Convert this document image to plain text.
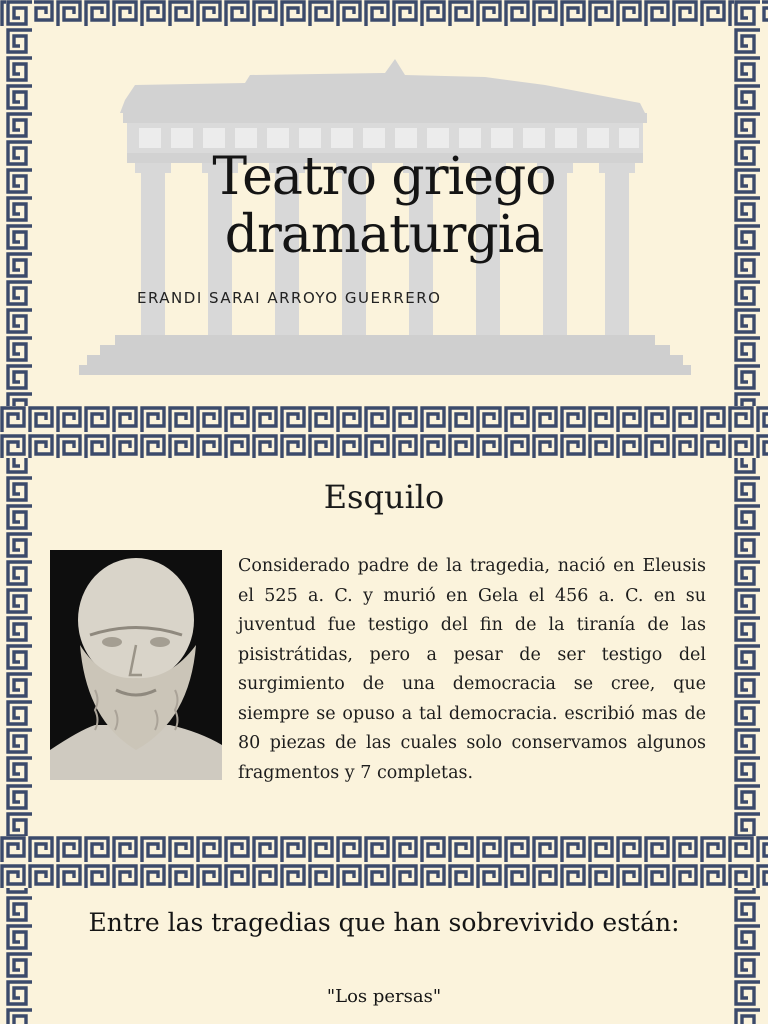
Teatro griego
dramaturgia
ERANDI SARAI ARROYO GUERRERO
Esquilo
Considerado padre de la tragedia, nació en Eleusis el 525 a. C. y murió en Gela el 456 a. C. en su juventud fue testigo del fin de la tiranía de las pisistrátidas, pero a pesar de ser testigo del surgimiento de una democracia se cree, que siempre se opuso a tal democracia. escribió mas de 80 piezas de las cuales solo conservamos algunos fragmentos y 7 completas.
Entre las tragedias que han sobrevivido están:
"Los persas"
